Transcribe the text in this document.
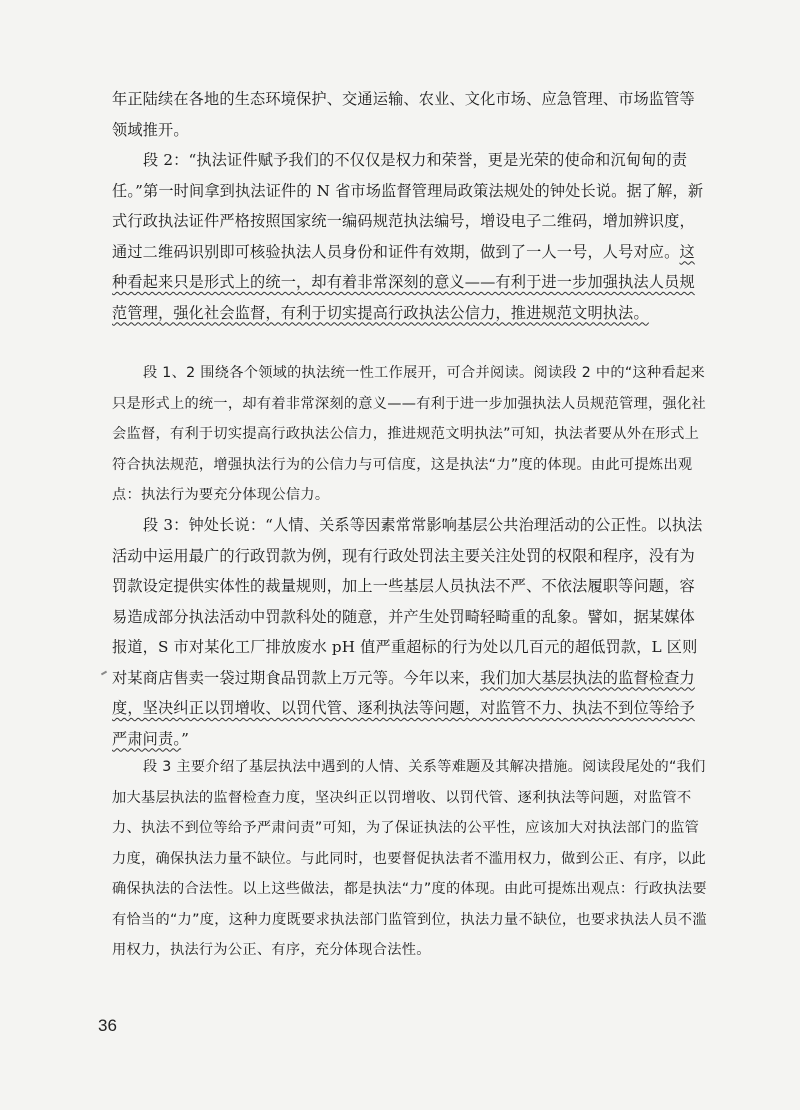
年正陆续在各地的生态环境保护、交通运输、农业、文化市场、应急管理、市场监管等领域推开。

段 2：“执法证件赋予我们的不仅仅是权力和荣誉，更是光荣的使命和沉甸甸的责任。”第一时间拿到执法证件的 N 省市场监督管理局政策法规处的钟处长说。据了解，新式行政执法证件严格按照国家统一编码规范执法编号，增设电子二维码，增加辨识度，通过二维码识别即可核验执法人员身份和证件有效期，做到了一人一号，人号对应。这种看起来只是形式上的统一，却有着非常深刻的意义——有利于进一步加强执法人员规范管理，强化社会监督，有利于切实提高行政执法公信力，推进规范文明执法。

段 1、2 围绕各个领域的执法统一性工作展开，可合并阅读。阅读段 2 中的“这种看起来只是形式上的统一，却有着非常深刻的意义——有利于进一步加强执法人员规范管理，强化社会监督，有利于切实提高行政执法公信力，推进规范文明执法”可知，执法者要从外在形式上符合执法规范，增强执法行为的公信力与可信度，这是执法“力”度的体现。由此可提炼出观点：执法行为要充分体现公信力。

段 3：钟处长说：“人情、关系等因素常常影响基层公共治理活动的公正性。以执法活动中运用最广的行政罚款为例，现有行政处罚法主要关注处罚的权限和程序，没有为罚款设定提供实体性的裁量规则，加上一些基层人员执法不严、不依法履职等问题，容易造成部分执法活动中罚款科处的随意，并产生处罚畸轻畸重的乱象。譬如，据某媒体报道，S 市对某化工厂排放废水 pH 值严重超标的行为处以几百元的超低罚款，L 区则对某商店售卖一袋过期食品罚款上万元等。今年以来，我们加大基层执法的监督检查力度，坚决纠正以罚增收、以罚代管、逐利执法等问题，对监管不力、执法不到位等给予严肃问责。”

段 3 主要介绍了基层执法中遇到的人情、关系等难题及其解决措施。阅读段尾处的“我们加大基层执法的监督检查力度，坚决纠正以罚增收、以罚代管、逐利执法等问题，对监管不力、执法不到位等给予严肃问责”可知，为了保证执法的公平性，应该加大对执法部门的监管力度，确保执法力量不缺位。与此同时，也要督促执法者不滥用权力，做到公正、有序，以此确保执法的合法性。以上这些做法，都是执法“力”度的体现。由此可提炼出观点：行政执法要有恰当的“力”度，这种力度既要求执法部门监管到位，执法力量不缺位，也要求执法人员不滥用权力，执法行为公正、有序，充分体现合法性。

36
